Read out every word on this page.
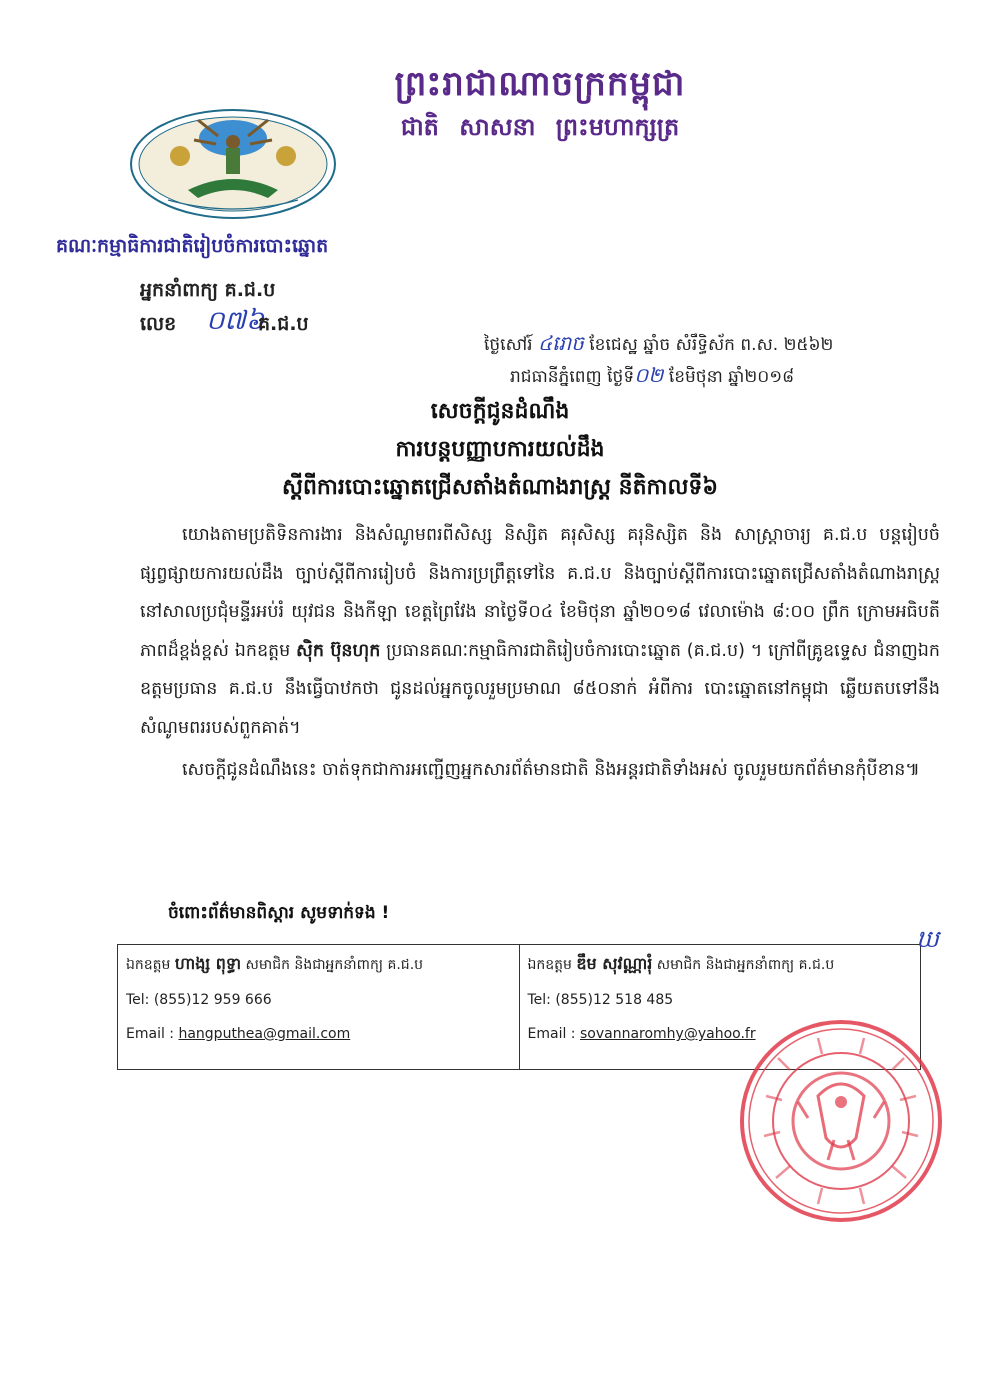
ព្រះរាជាណាចក្រកម្ពុជា
ជាតិ សាសនា ព្រះមហាក្សត្រ
គណៈកម្មាធិការជាតិរៀបចំការបោះឆ្នោត
អ្នកនាំពាក្យ គ.ជ.ប
លេខ ០៧៦
គ.ជ.ប
ថ្ងៃសៅរ៍ ៤រោច ខែជេស្ឋ ឆ្នាំច សំរឹទ្ធិស័ក ព.ស. ២៥៦២
រាជធានីភ្នំពេញ ថ្ងៃទី០២ ខែមិថុនា ឆ្នាំ២០១៨
សេចក្តីជូនដំណឹង
ការបន្តបញ្ញាបការយល់ដឹង
ស្តីពីការបោះឆ្នោតជ្រើសតាំងតំណាងរាស្ត្រ នីតិកាលទី៦

យោងតាមប្រតិទិនការងារ និងសំណូមពរពីសិស្ស និស្សិត គរុសិស្ស គរុនិស្សិត និង សាស្ត្រាចារ្យ គ.ជ.ប បន្តរៀបចំផ្សព្វផ្សាយការយល់ដឹង ច្បាប់ស្តីពីការរៀបចំ និងការប្រព្រឹត្តទៅនៃ គ.ជ.ប និងច្បាប់ស្តីពីការបោះឆ្នោតជ្រើសតាំងតំណាងរាស្ត្រ នៅសាលប្រជុំមន្ទីរអប់រំ យុវជន និងកីឡា ខេត្តព្រៃវែង នាថ្ងៃទី០៤ ខែមិថុនា ឆ្នាំ២០១៨ វេលាម៉ោង ៨:០០ ព្រឹក ក្រោមអធិបតីភាពដ៏ខ្ពង់ខ្ពស់ ឯកឧត្តម ស៊ិក ប៊ុនហុក ប្រធានគណៈកម្មាធិការជាតិរៀបចំការបោះឆ្នោត (គ.ជ.ប) ។ ក្រៅពីគ្រូឧទ្ទេស ជំនាញឯកឧត្តមប្រធាន គ.ជ.ប នឹងធ្វើបាឋកថា ជូនដល់អ្នកចូលរួមប្រមាណ ៨៥០នាក់ អំពីការ បោះឆ្នោតនៅកម្ពុជា ឆ្លើយតបទៅនឹងសំណូមពររបស់ពួកគាត់។

សេចក្តីជូនដំណឹងនេះ ចាត់ទុកជាការអញ្ជើញអ្នកសារព័ត៌មានជាតិ និងអន្តរជាតិទាំងអស់ ចូលរួមយកព័ត៌មានកុំបីខាន៕

ចំពោះព័ត៌មានពិស្តារ សូមទាក់ទង !
ឯកឧត្តម ហាង្ស ពុទ្ធា សមាជិក និងជាអ្នកនាំពាក្យ គ.ជ.ប
Tel: (855)12 959 666
Email : hangputhea@gmail.com

ឯកឧត្តម ឌឹម សុវណ្ណារុំ សមាជិក និងជាអ្នកនាំពាក្យ គ.ជ.ប
Tel: (855)12 518 485
Email : sovannaromhy@yahoo.fr
ឃ
